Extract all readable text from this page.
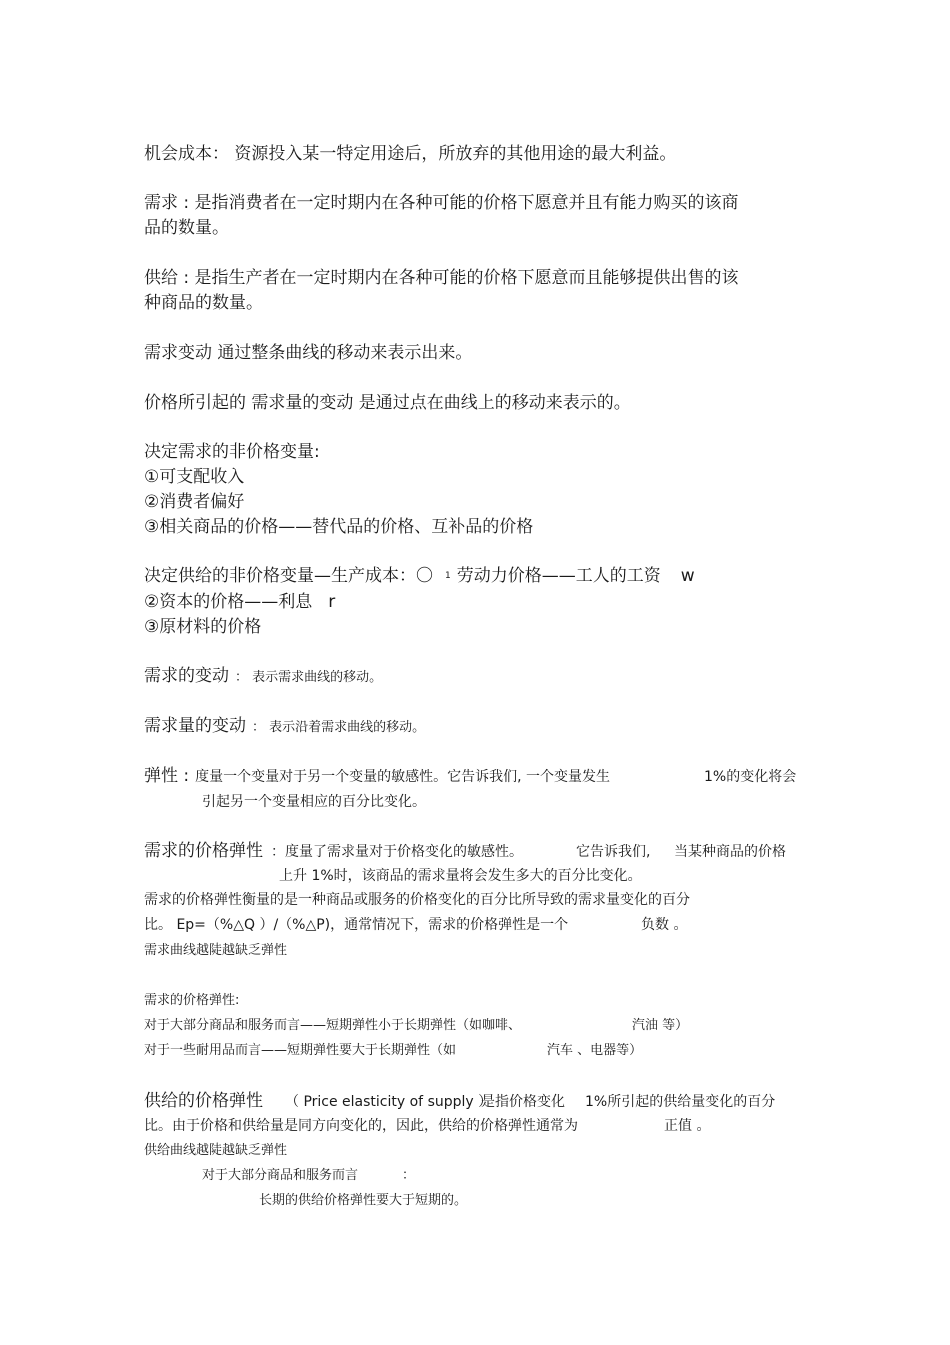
机会成本： 资源投入某一特定用途后，所放弃的其他用途的最大利益。
需求 : 是指消费者在一定时期内在各种可能的价格下愿意并且有能力购买的该商
品的数量。
供给 : 是指生产者在一定时期内在各种可能的价格下愿意而且能够提供出售的该
种商品的数量。
需求变动 通过整条曲线的移动来表示出来。
价格所引起的 需求量的变动 是通过点在曲线上的移动来表示的。
决定需求的非价格变量:
①可支配收入
②消费者偏好
③相关商品的价格——替代品的价格、互补品的价格
决定供给的非价格变量—生产成本：〇 1 劳动力价格——工人的工资 w
②资本的价格——利息 r
③原材料的价格
需求的变动 ： 表示需求曲线的移动。
需求量的变动 ： 表示沿着需求曲线的移动。
弹性 : 度量一个变量对于另一个变量的敏感性。它告诉我们, 一个变量发生	1%的变化将会
引起另一个变量相应的百分比变化。
需求的价格弹性 ：度量了需求量对于价格变化的敏感性。	它告诉我们, 当某种商品的价格
上升 1%时，该商品的需求量将会发生多大的百分比变化。
需求的价格弹性衡量的是一种商品或服务的价格变化的百分比所导致的需求量变化的百分
比。 Ep=（%△Q ）/（%△P)，通常情况下，需求的价格弹性是一个	负数 。
需求曲线越陡越缺乏弹性
需求的价格弹性:
对于大部分商品和服务而言——短期弹性小于长期弹性（如咖啡、	汽油 等）
对于一些耐用品而言——短期弹性要大于长期弹性（如	汽车 、电器等）
供给的价格弹性 （ Price elasticity of supply ）
是指价格变化 1%所引起的供给量变化的百分
比。由于价格和供给量是同方向变化的，因此，供给的价格弹性通常为	正值 。
供给曲线越陡越缺乏弹性
对于大部分商品和服务而言	：
长期的供给价格弹性要大于短期的。
